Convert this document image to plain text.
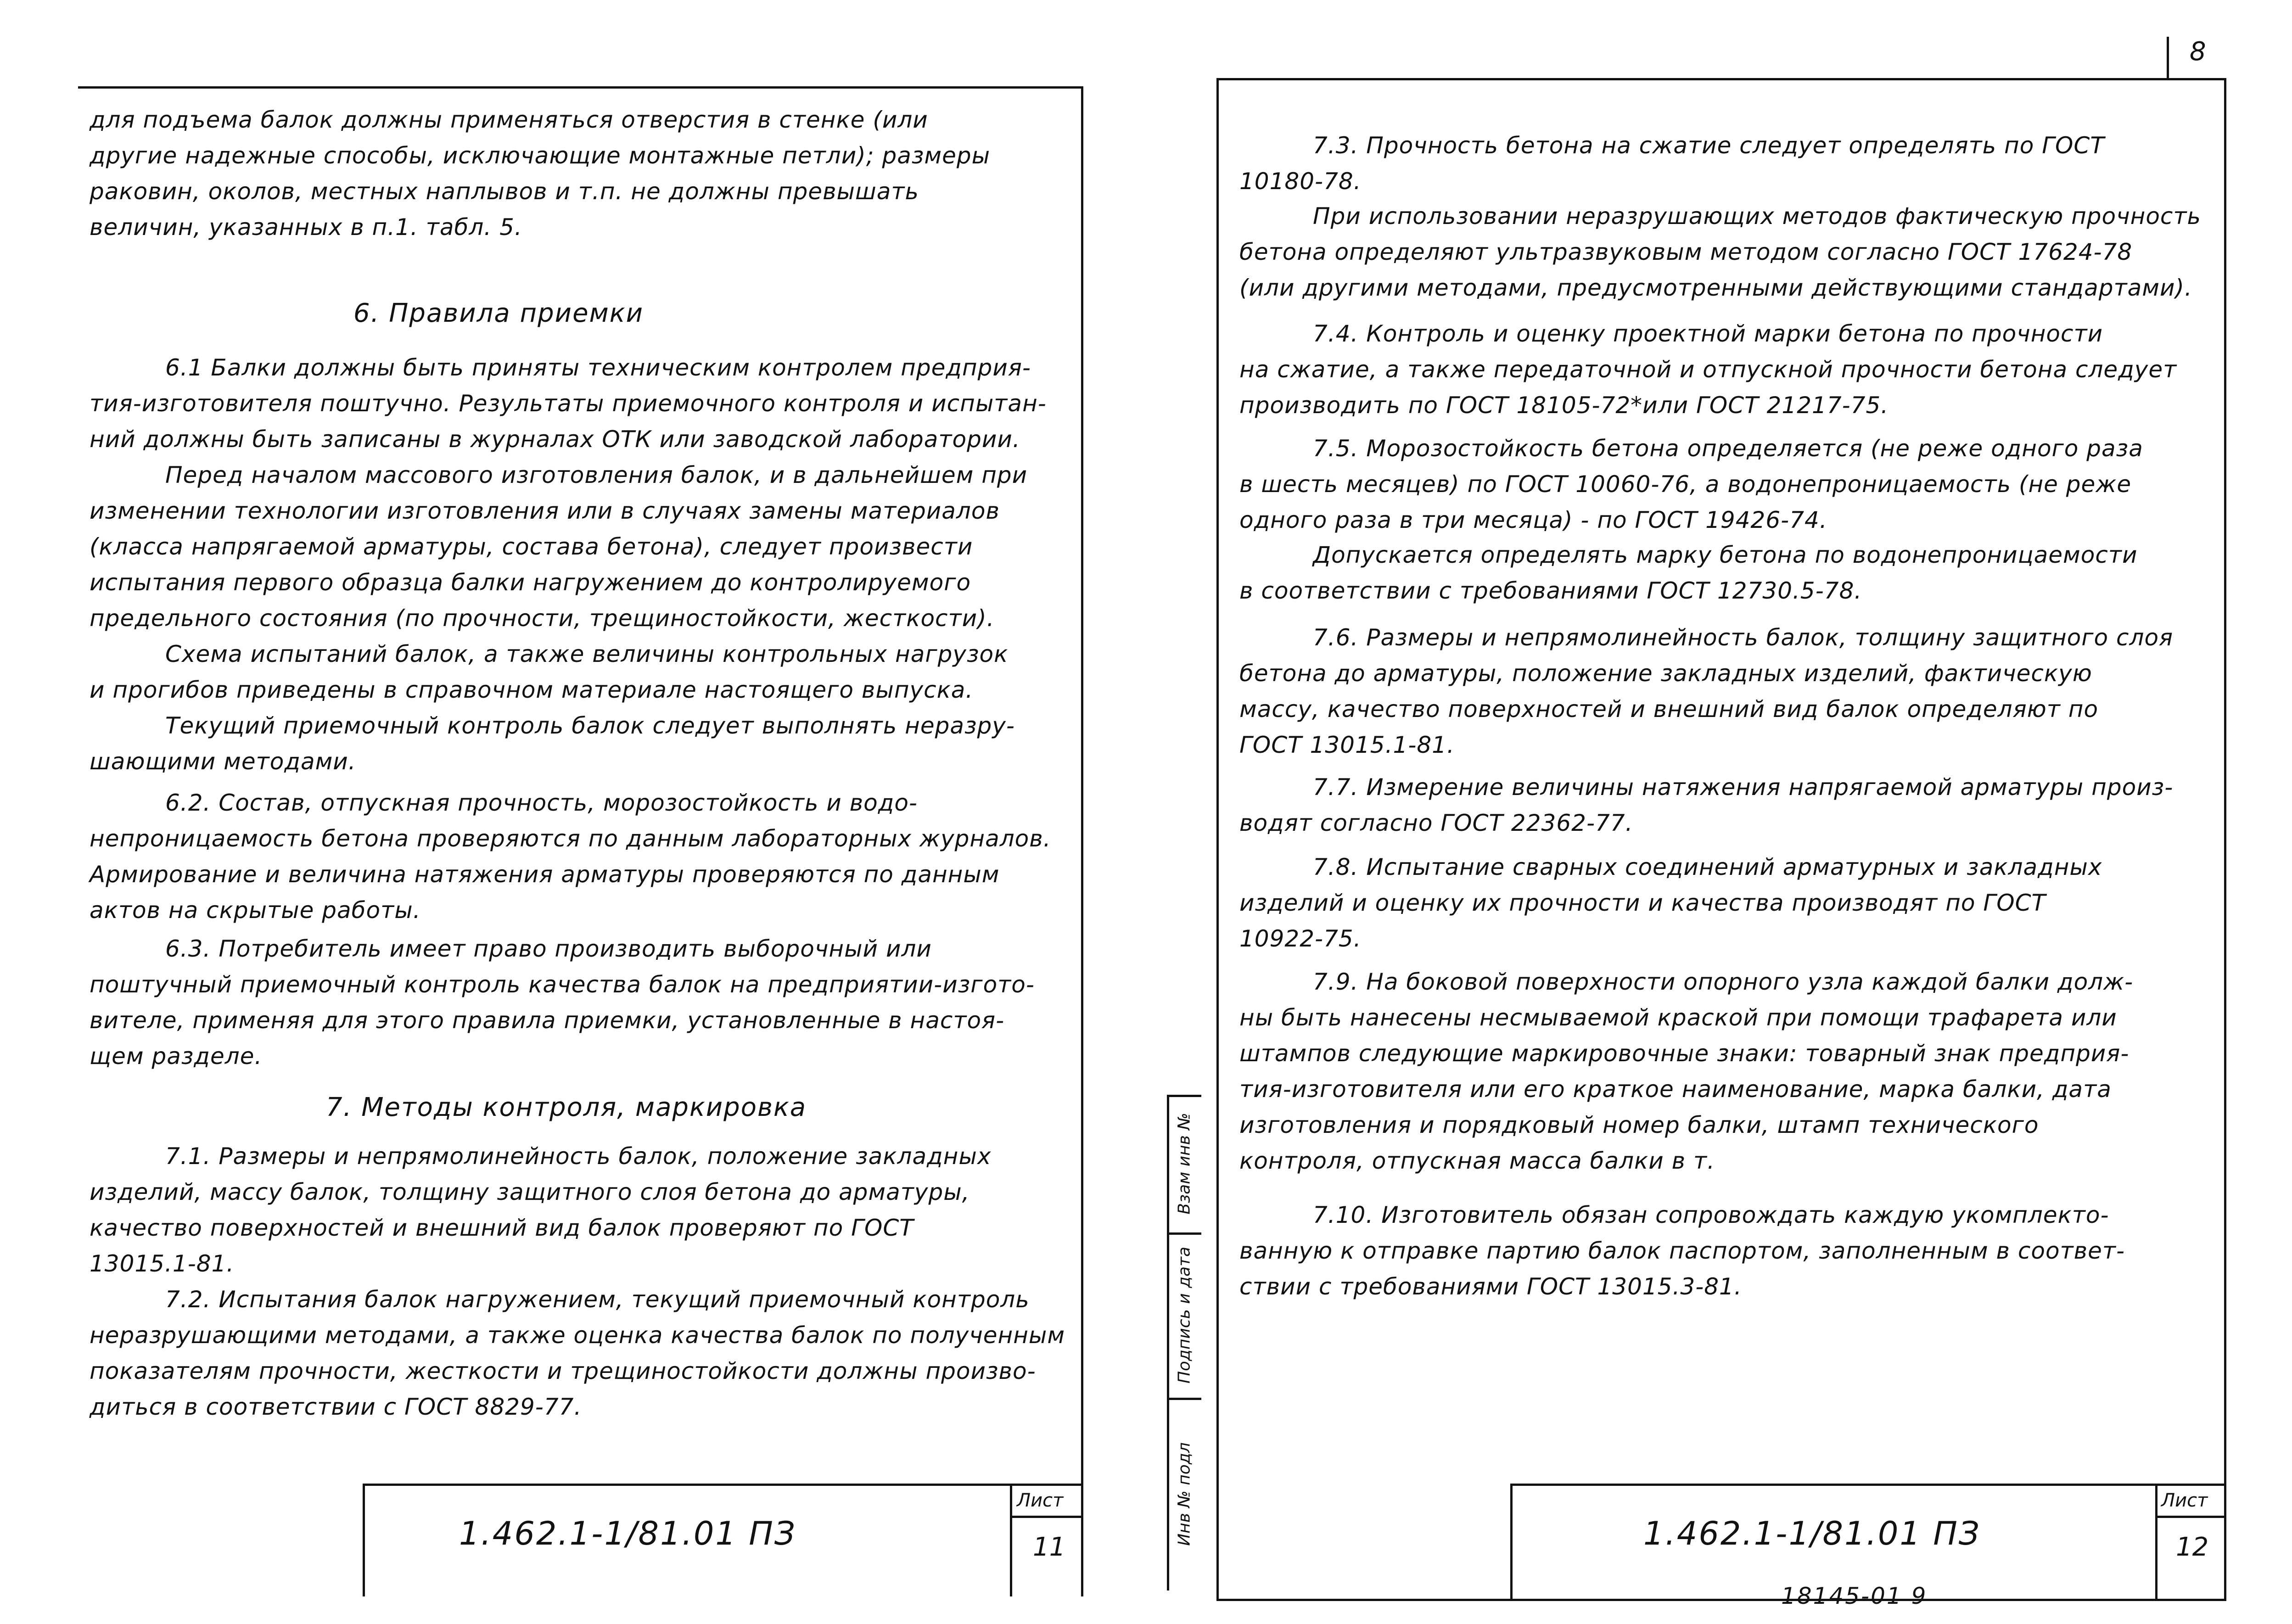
для подъема балок должны применяться отверстия в стенке (или
другие надежные способы, исключающие монтажные петли); размеры
раковин, околов, местных наплывов и т.п. не должны превышать
величин, указанных в п.1. табл. 5.
6. Правила приемки
6.1 Балки должны быть приняты техническим контролем предприя-
тия-изготовителя поштучно. Результаты приемочного контроля и испытан-
ний должны быть записаны в журналах ОТК или заводской лаборатории.
Перед началом массового изготовления балок, и в дальнейшем при
изменении технологии изготовления или в случаях замены материалов
(класса напрягаемой арматуры, состава бетона), следует произвести
испытания первого образца балки нагружением до контролируемого
предельного состояния (по прочности, трещиностойкости, жесткости).
Схема испытаний балок, а также величины контрольных нагрузок
и прогибов приведены в справочном материале настоящего выпуска.
Текущий приемочный контроль балок следует выполнять неразру-
шающими методами.
6.2. Состав, отпускная прочность, морозостойкость и водо-
непроницаемость бетона проверяются по данным лабораторных журналов.
Армирование и величина натяжения арматуры проверяются по данным
актов на скрытые работы.
6.3. Потребитель имеет право производить выборочный или
поштучный приемочный контроль качества балок на предприятии-изгото-
вителе, применяя для этого правила приемки, установленные в настоя-
щем разделе.
7. Методы контроля, маркировка
7.1. Размеры и непрямолинейность балок, положение закладных
изделий, массу балок, толщину защитного слоя бетона до арматуры,
качество поверхностей и внешний вид балок проверяют по ГОСТ
13015.1-81.
7.2. Испытания балок нагружением, текущий приемочный контроль
неразрушающими методами, а также оценка качества балок по полученным
показателям прочности, жесткости и трещиностойкости должны произво-
диться в соответствии с ГОСТ 8829-77.
1.462.1-1/81.01 ПЗ
Лист
11
8
7.3. Прочность бетона на сжатие следует определять по ГОСТ
10180-78.
При использовании неразрушающих методов фактическую прочность
бетона определяют ультразвуковым методом согласно ГОСТ 17624-78
(или другими методами, предусмотренными действующими стандартами).
7.4. Контроль и оценку проектной марки бетона по прочности
на сжатие, а также передаточной и отпускной прочности бетона следует
производить по ГОСТ 18105-72*или ГОСТ 21217-75.
7.5. Морозостойкость бетона определяется (не реже одного раза
в шесть месяцев) по ГОСТ 10060-76, а водонепроницаемость (не реже
одного раза в три месяца) - по ГОСТ 19426-74.
Допускается определять марку бетона по водонепроницаемости
в соответствии с требованиями ГОСТ 12730.5-78.
7.6. Размеры и непрямолинейность балок, толщину защитного слоя
бетона до арматуры, положение закладных изделий, фактическую
массу, качество поверхностей и внешний вид балок определяют по
ГОСТ 13015.1-81.
7.7. Измерение величины натяжения напрягаемой арматуры произ-
водят согласно ГОСТ 22362-77.
7.8. Испытание сварных соединений арматурных и закладных
изделий и оценку их прочности и качества производят по ГОСТ
10922-75.
7.9. На боковой поверхности опорного узла каждой балки долж-
ны быть нанесены несмываемой краской при помощи трафарета или
штампов следующие маркировочные знаки: товарный знак предприя-
тия-изготовителя или его краткое наименование, марка балки, дата
изготовления и порядковый номер балки, штамп технического
контроля, отпускная масса балки в т.
7.10. Изготовитель обязан сопровождать каждую укомплекто-
ванную к отправке партию балок паспортом, заполненным в соответ-
ствии с требованиями ГОСТ 13015.3-81.
1.462.1-1/81.01 ПЗ
Лист
12
Взам инв №
Подпись и дата
Инв № подл
18145-01 9
